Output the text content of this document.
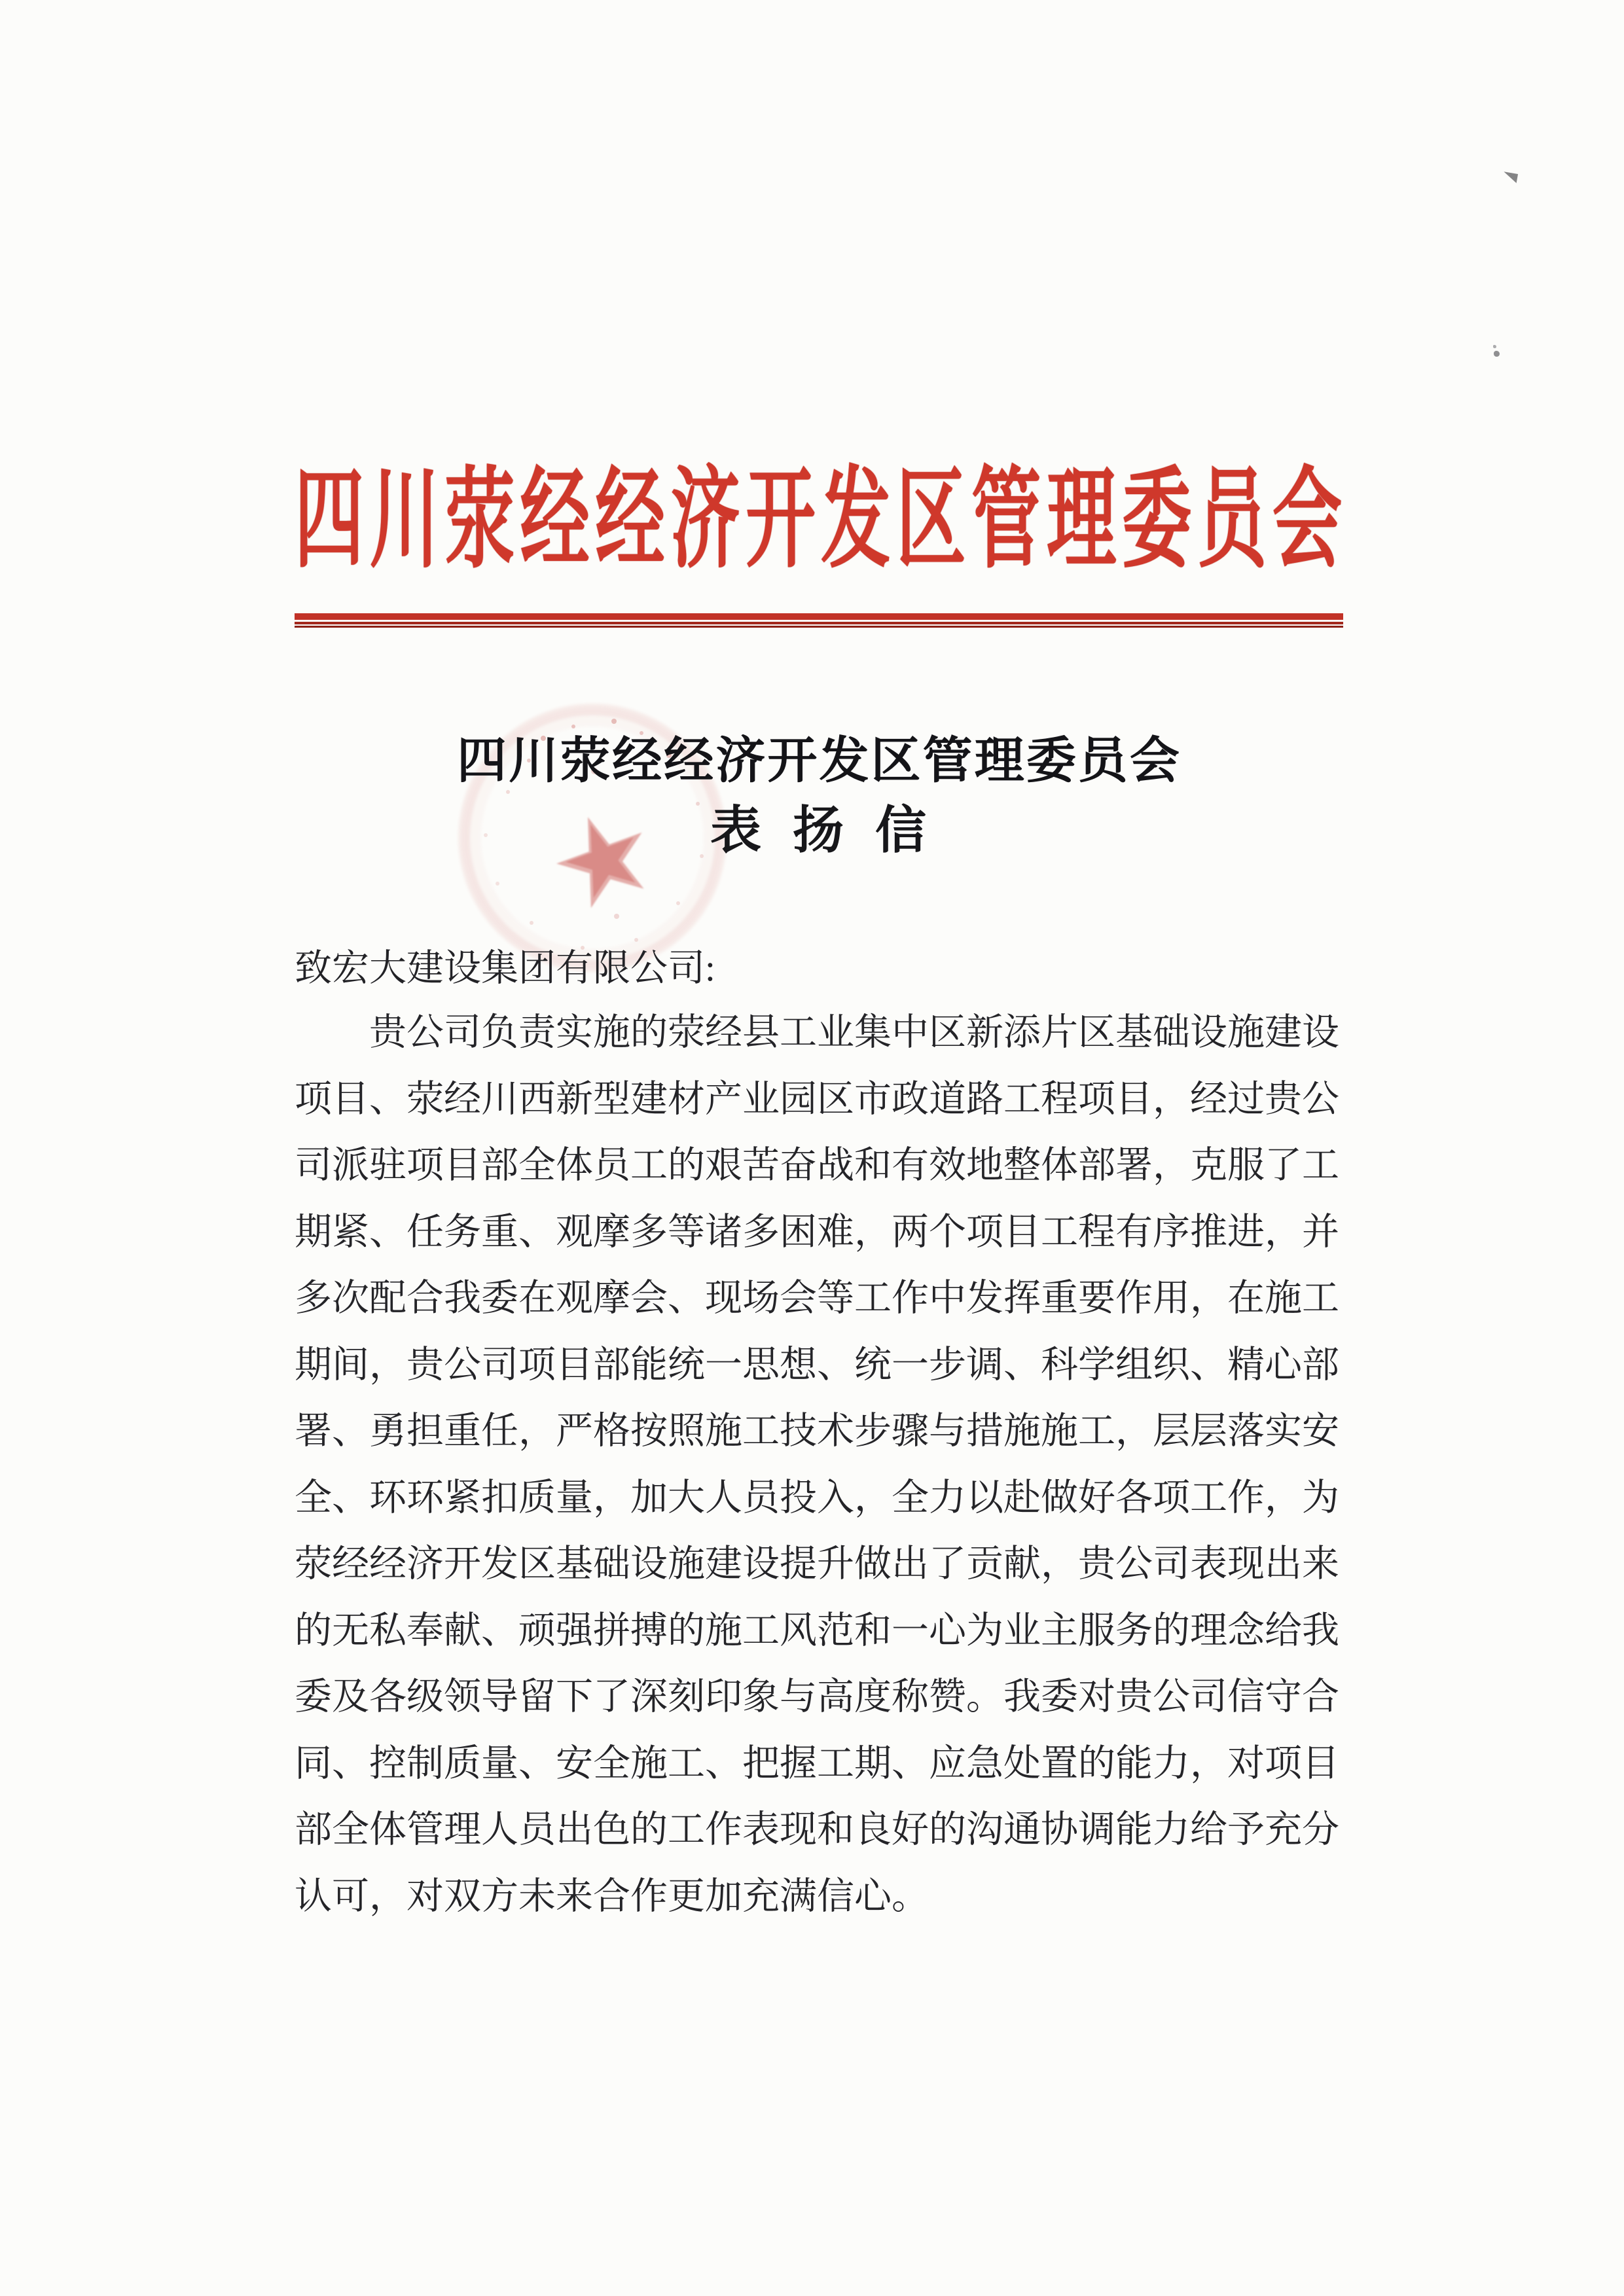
四 川 荥 经 经 济 开 发 区 管 理 委 员 会
四 川 荥 经 经 济 开 发 区 管 理 委 员 会
表 扬 信
致宏大建设集团有限公司:
贵 公 司 负 责 实 施 的 荥 经 县 工 业 集 中 区 新 添 片 区 基 础 设 施 建 设
项 目 、 荥 经 川 西 新 型 建 材 产 业 园 区 市 政 道 路 工 程 项 目 ， 经 过 贵 公
司 派 驻 项 目 部 全 体 员 工 的 艰 苦 奋 战 和 有 效 地 整 体 部 署 ， 克 服 了 工
期 紧 、 任 务 重 、 观 摩 多 等 诸 多 困 难 ， 两 个 项 目 工 程 有 序 推 进 ， 并
多 次 配 合 我 委 在 观 摩 会 、 现 场 会 等 工 作 中 发 挥 重 要 作 用 ， 在 施 工
期 间 ， 贵 公 司 项 目 部 能 统 一 思 想 、 统 一 步 调 、 科 学 组 织 、 精 心 部
署 、 勇 担 重 任 ， 严 格 按 照 施 工 技 术 步 骤 与 措 施 施 工 ， 层 层 落 实 安
全 、 环 环 紧 扣 质 量 ， 加 大 人 员 投 入 ， 全 力 以 赴 做 好 各 项 工 作 ， 为
荥 经 经 济 开 发 区 基 础 设 施 建 设 提 升 做 出 了 贡 献 ， 贵 公 司 表 现 出 来
的 无 私 奉 献 、 顽 强 拼 搏 的 施 工 风 范 和 一 心 为 业 主 服 务 的 理 念 给 我
委 及 各 级 领 导 留 下 了 深 刻 印 象 与 高 度 称 赞 。 我 委 对 贵 公 司 信 守 合
同 、 控 制 质 量 、 安 全 施 工 、 把 握 工 期 、 应 急 处 置 的 能 力 ， 对 项 目
部 全 体 管 理 人 员 出 色 的 工 作 表 现 和 良 好 的 沟 通 协 调 能 力 给 予 充 分
认 可 ， 对 双 方 未 来 合 作 更 加 充 满 信 心 。
